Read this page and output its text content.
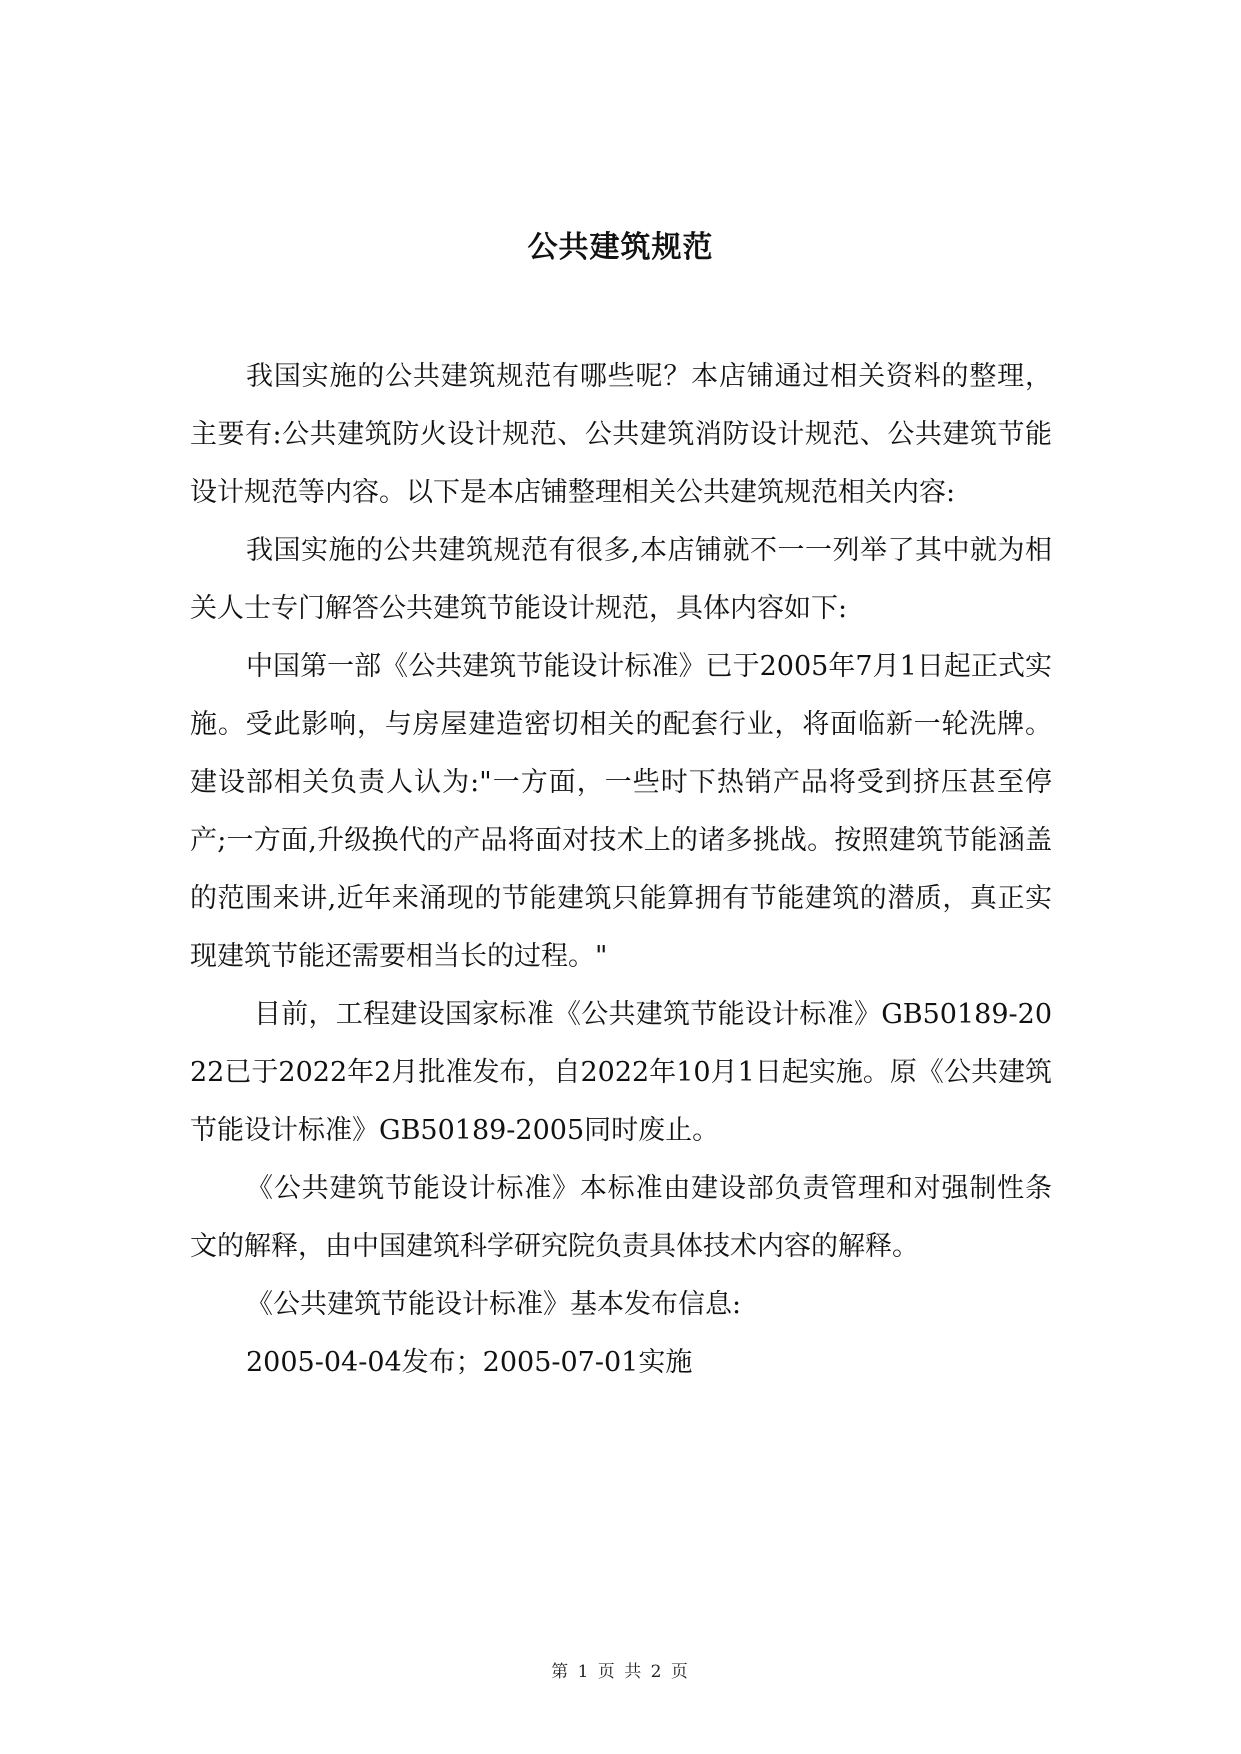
公共建筑规范

我国实施的公共建筑规范有哪些呢？本店铺通过相关资料的整理，主要有:公共建筑防火设计规范、公共建筑消防设计规范、公共建筑节能设计规范等内容。以下是本店铺整理相关公共建筑规范相关内容:

我国实施的公共建筑规范有很多,本店铺就不一一列举了其中就为相关人士专门解答公共建筑节能设计规范，具体内容如下:

中国第一部《公共建筑节能设计标准》已于2005年7月1日起正式实施。受此影响，与房屋建造密切相关的配套行业，将面临新一轮洗牌。 建设部相关负责人认为:"一方面，一些时下热销产品将受到挤压甚至停产;一方面,升级换代的产品将面对技术上的诸多挑战。按照建筑节能涵盖的范围来讲,近年来涌现的节能建筑只能算拥有节能建筑的潜质，真正实现建筑节能还需要相当长的过程。"

目前，工程建设国家标准《公共建筑节能设计标准》GB50189-2022已于2022年2月批准发布，自2022年10月1日起实施。原《公共建筑节能设计标准》GB50189-2005同时废止。

《公共建筑节能设计标准》本标准由建设部负责管理和对强制性条文的解释，由中国建筑科学研究院负责具体技术内容的解释。

《公共建筑节能设计标准》基本发布信息:

2005-04-04发布；2005-07-01实施

第 1 页 共 2 页
